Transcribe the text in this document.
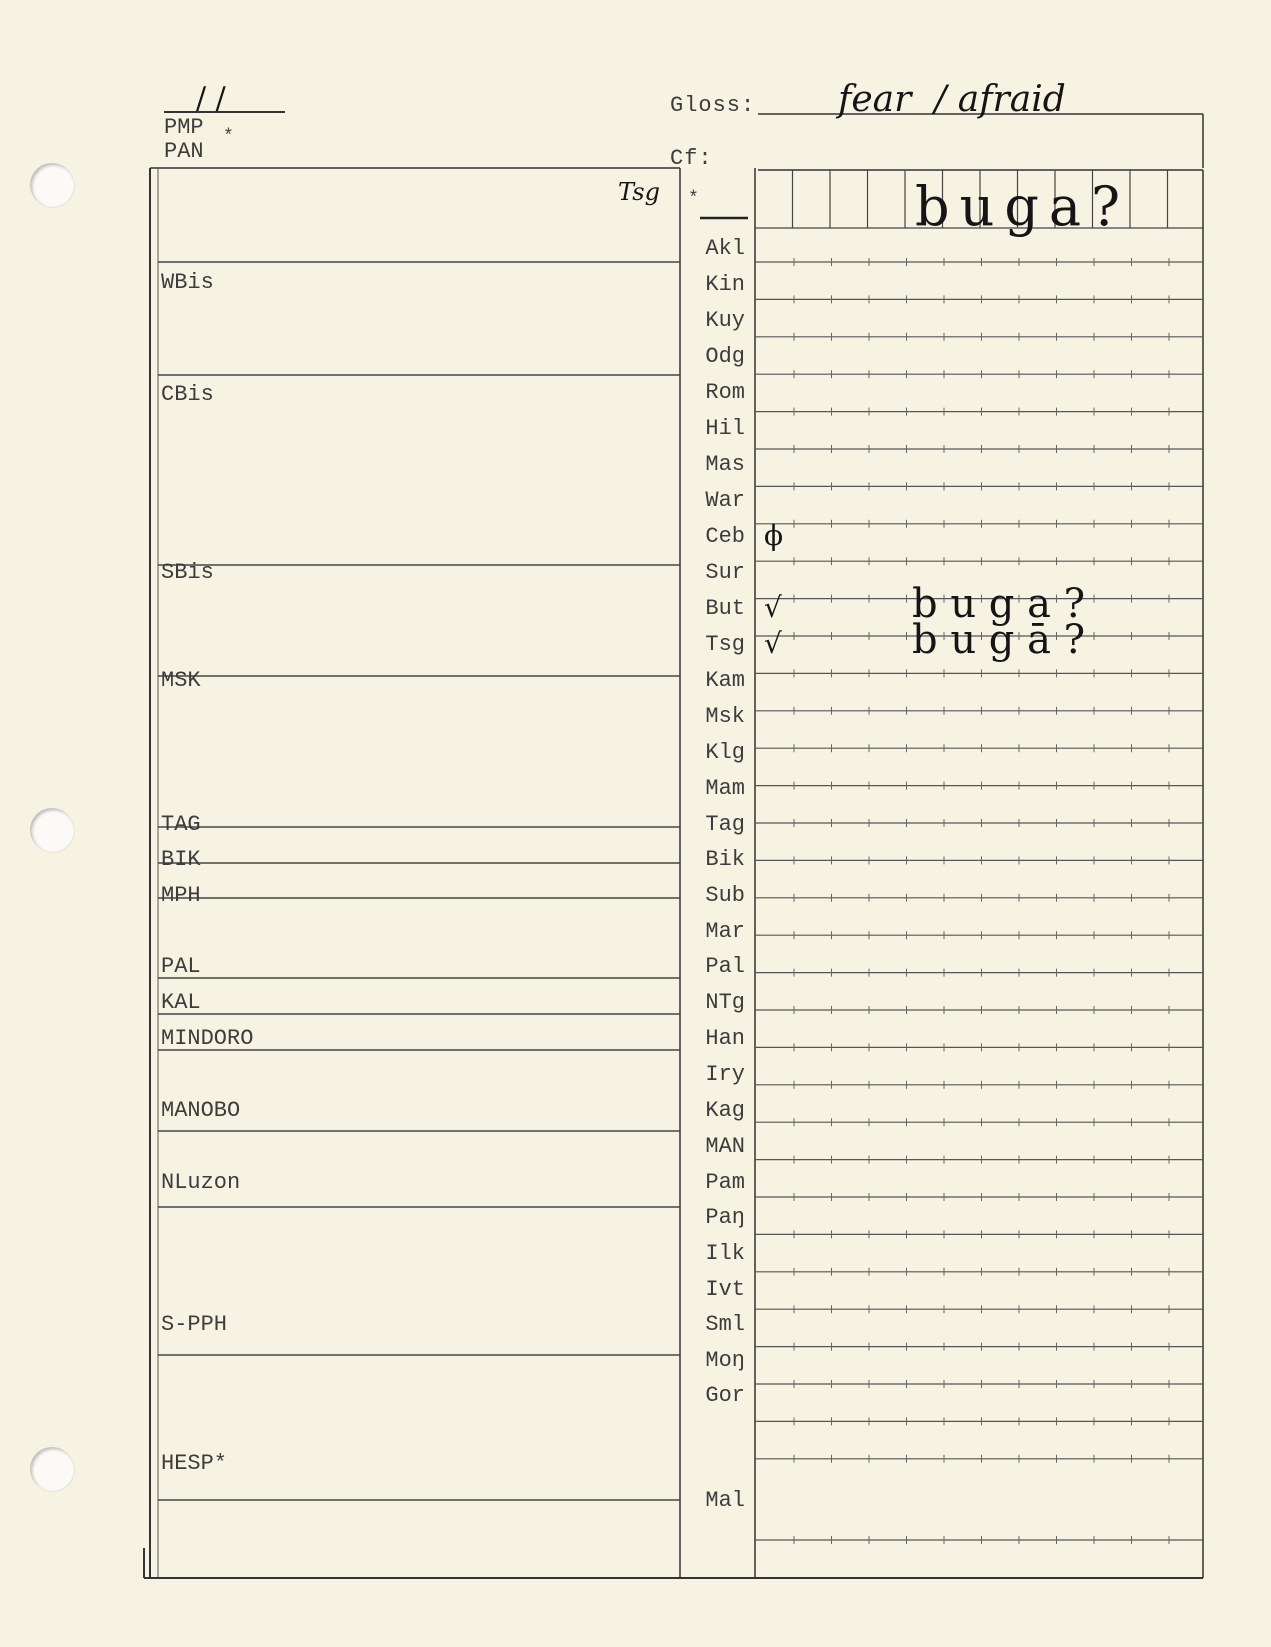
/ /
PMP *
PAN
Gloss: fear  / afraid
Cf:
Tsg *	buga?
WBis
CBis
SBis
MSK
TAG
BIK
MPH
PAL
KAL
MINDORO
MANOBO
NLuzon
S-PPH
HESP*
Akl
Kin
Kuy
Odg
Rom
Hil
Mas
War
Ceb ϕ
Sur
But √	b u g a ?
Tsg √	b u g ā ?
Kam
Msk
Klg
Mam
Tag
Bik
Sub
Mar
Pal
NTg
Han
Iry
Kag
MAN
Pam
Paŋ
Ilk
Ivt
Sml
Moŋ
Gor
Mal
